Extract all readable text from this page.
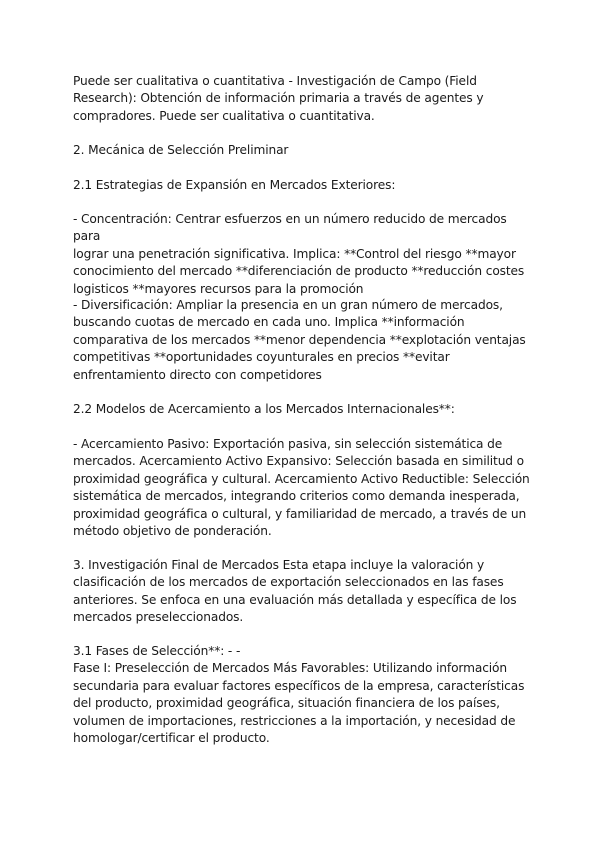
Puede ser cualitativa o cuantitativa - Investigación de Campo (Field
Research): Obtención de información primaria a través de agentes y
compradores. Puede ser cualitativa o cuantitativa.

2. Mecánica de Selección Preliminar

2.1 Estrategias de Expansión en Mercados Exteriores:

- Concentración: Centrar esfuerzos en un número reducido de mercados para
lograr una penetración significativa. Implica: **Control del riesgo **mayor
conocimiento del mercado **diferenciación de producto **reducción costes
logisticos **mayores recursos para la promoción

- Diversificación: Ampliar la presencia en un gran número de mercados,
buscando cuotas de mercado en cada uno. Implica **información
comparativa de los mercados **menor dependencia **explotación ventajas
competitivas **oportunidades coyunturales en precios **evitar
enfrentamiento directo con competidores

2.2 Modelos de Acercamiento a los Mercados Internacionales**:

- Acercamiento Pasivo: Exportación pasiva, sin selección sistemática de
mercados. Acercamiento Activo Expansivo: Selección basada en similitud o
proximidad geográfica y cultural. Acercamiento Activo Reductible: Selección
sistemática de mercados, integrando criterios como demanda inesperada,
proximidad geográfica o cultural, y familiaridad de mercado, a través de un
método objetivo de ponderación.

3. Investigación Final de Mercados Esta etapa incluye la valoración y
clasificación de los mercados de exportación seleccionados en las fases
anteriores. Se enfoca en una evaluación más detallada y específica de los
mercados preseleccionados.

3.1 Fases de Selección**: - -
Fase I: Preselección de Mercados Más Favorables: Utilizando información
secundaria para evaluar factores específicos de la empresa, características
del producto, proximidad geográfica, situación financiera de los países,
volumen de importaciones, restricciones a la importación, y necesidad de
homologar/certificar el producto.
